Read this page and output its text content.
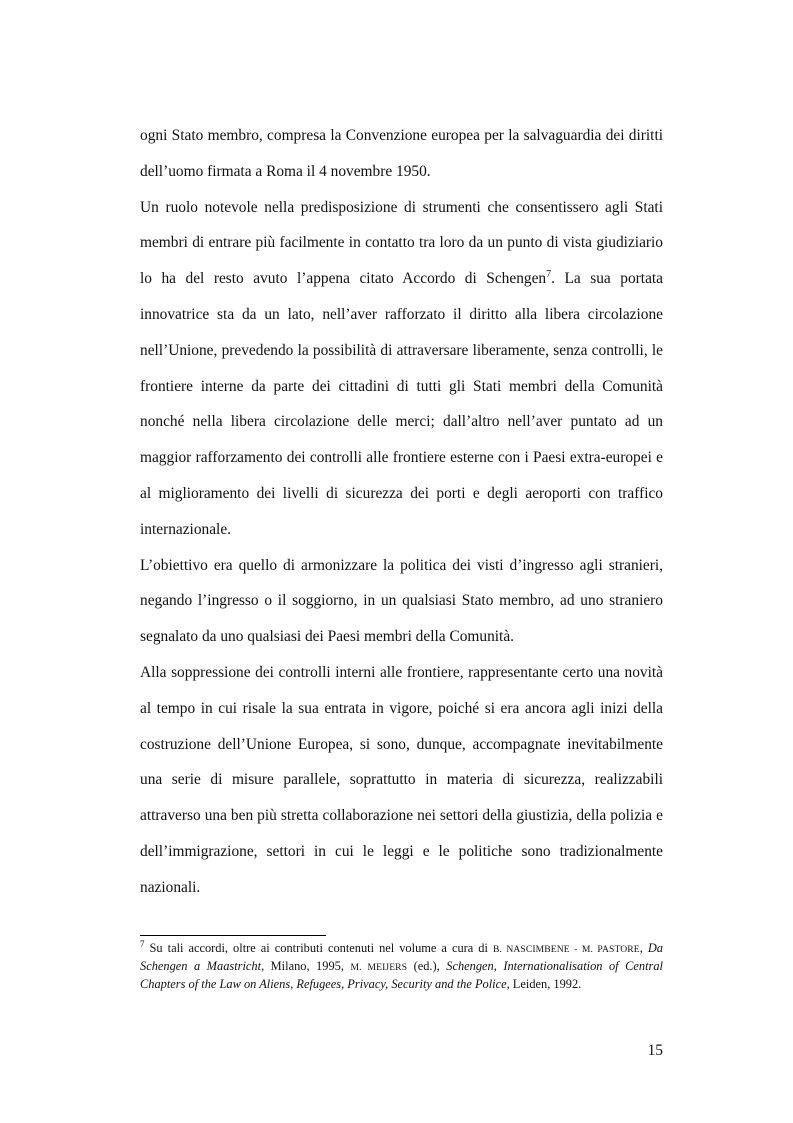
ogni Stato membro, compresa la Convenzione europea per la salvaguardia dei diritti dell’uomo firmata a Roma il 4 novembre 1950.

Un ruolo notevole nella predisposizione di strumenti che consentissero agli Stati membri di entrare più facilmente in contatto tra loro da un punto di vista giudiziario lo ha del resto avuto l’appena citato Accordo di Schengen$^7$. La sua portata innovatrice sta da un lato, nell’aver rafforzato il diritto alla libera circolazione nell’Unione, prevedendo la possibilità di attraversare liberamente, senza controlli, le frontiere interne da parte dei cittadini di tutti gli Stati membri della Comunità nonché nella libera circolazione delle merci; dall’altro nell’aver puntato ad un maggior rafforzamento dei controlli alle frontiere esterne con i Paesi extra-europei e al miglioramento dei livelli di sicurezza dei porti e degli aeroporti con traffico internazionale.

L’obiettivo era quello di armonizzare la politica dei visti d’ingresso agli stranieri, negando l’ingresso o il soggiorno, in un qualsiasi Stato membro, ad uno straniero segnalato da uno qualsiasi dei Paesi membri della Comunità.

Alla soppressione dei controlli interni alle frontiere, rappresentante certo una novità al tempo in cui risale la sua entrata in vigore, poiché si era ancora agli inizi della costruzione dell’Unione Europea, si sono, dunque, accompagnate inevitabilmente una serie di misure parallele, soprattutto in materia di sicurezza, realizzabili attraverso una ben più stretta collaborazione nei settori della giustizia, della polizia e dell’immigrazione, settori in cui le leggi e le politiche sono tradizionalmente nazionali.

$^7$ Su tali accordi, oltre ai contributi contenuti nel volume a cura di B. NASCIMBENE - M. PASTORE, Da Schengen a Maastricht, Milano, 1995, M. MEIJERS (ed.), Schengen, Internationalisation of Central Chapters of the Law on Aliens, Refugees, Privacy, Security and the Police, Leiden, 1992.

15
